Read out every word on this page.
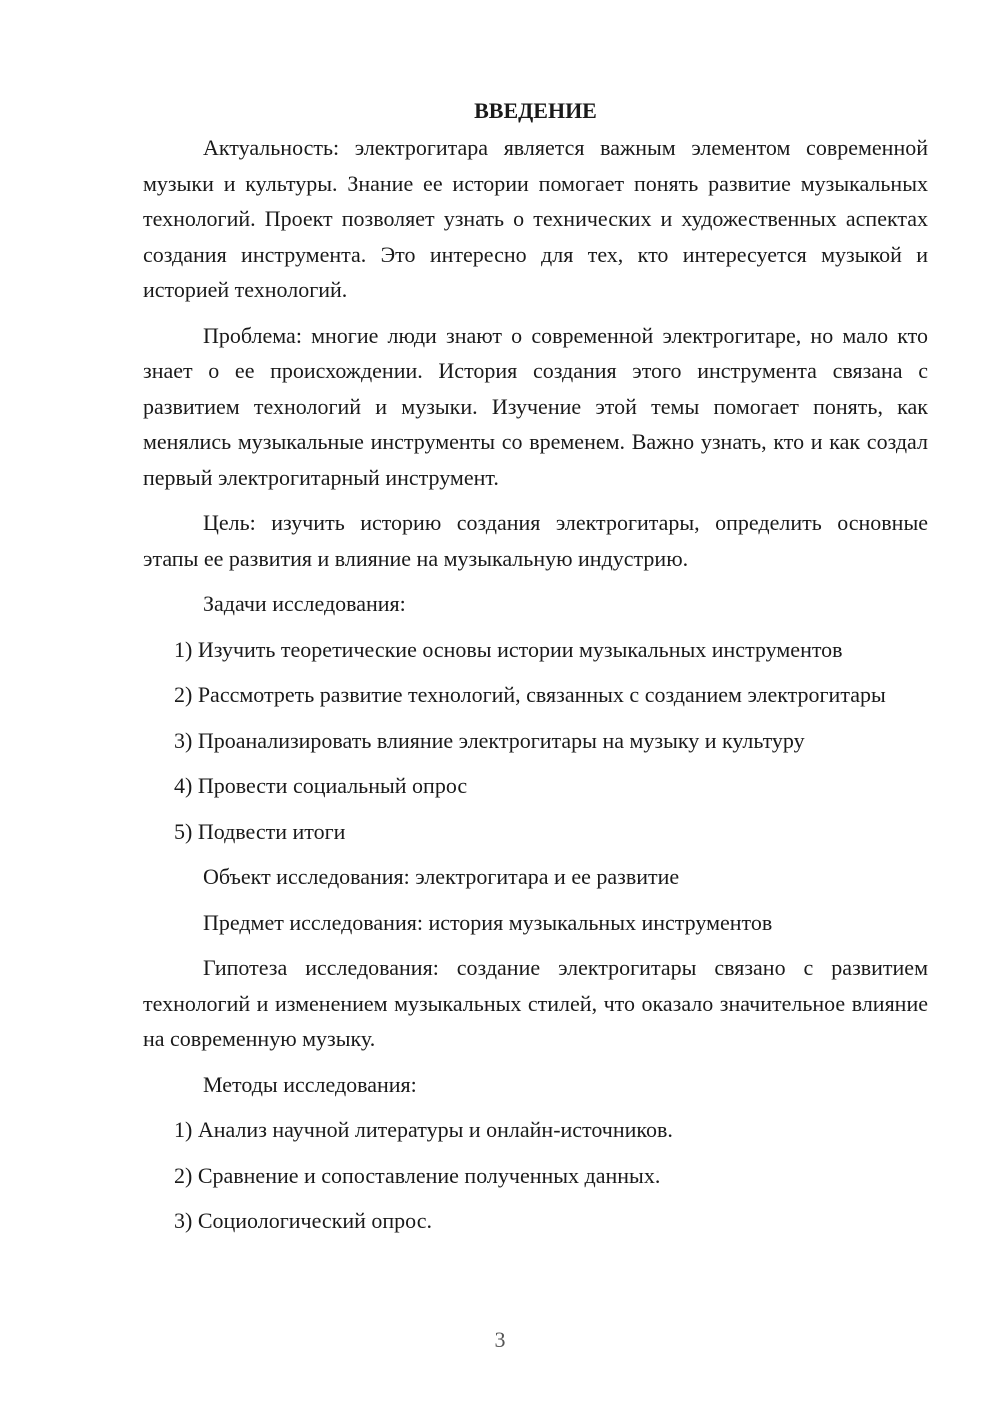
ВВЕДЕНИЕ

Актуальность: электрогитара является важным элементом современной музыки и культуры. Знание ее истории помогает понять развитие музыкальных технологий. Проект позволяет узнать о технических и художественных аспектах создания инструмента. Это интересно для тех, кто интересуется музыкой и историей технологий.

Проблема: многие люди знают о современной электрогитаре, но мало кто знает о ее происхождении. История создания этого инструмента связана с развитием технологий и музыки. Изучение этой темы помогает понять, как менялись музыкальные инструменты со временем. Важно узнать, кто и как создал первый электрогитарный инструмент.

Цель: изучить историю создания электрогитары, определить основные этапы ее развития и влияние на музыкальную индустрию.

Задачи исследования:

1) Изучить теоретические основы истории музыкальных инструментов

2) Рассмотреть развитие технологий, связанных с созданием электрогитары

3) Проанализировать влияние электрогитары на музыку и культуру

4) Провести социальный опрос

5) Подвести итоги

Объект исследования: электрогитара и ее развитие

Предмет исследования: история музыкальных инструментов

Гипотеза исследования: создание электрогитары связано с развитием технологий и изменением музыкальных стилей, что оказало значительное влияние на современную музыку.

Методы исследования:

1) Анализ научной литературы и онлайн-источников.

2) Сравнение и сопоставление полученных данных.

3) Социологический опрос.

3
